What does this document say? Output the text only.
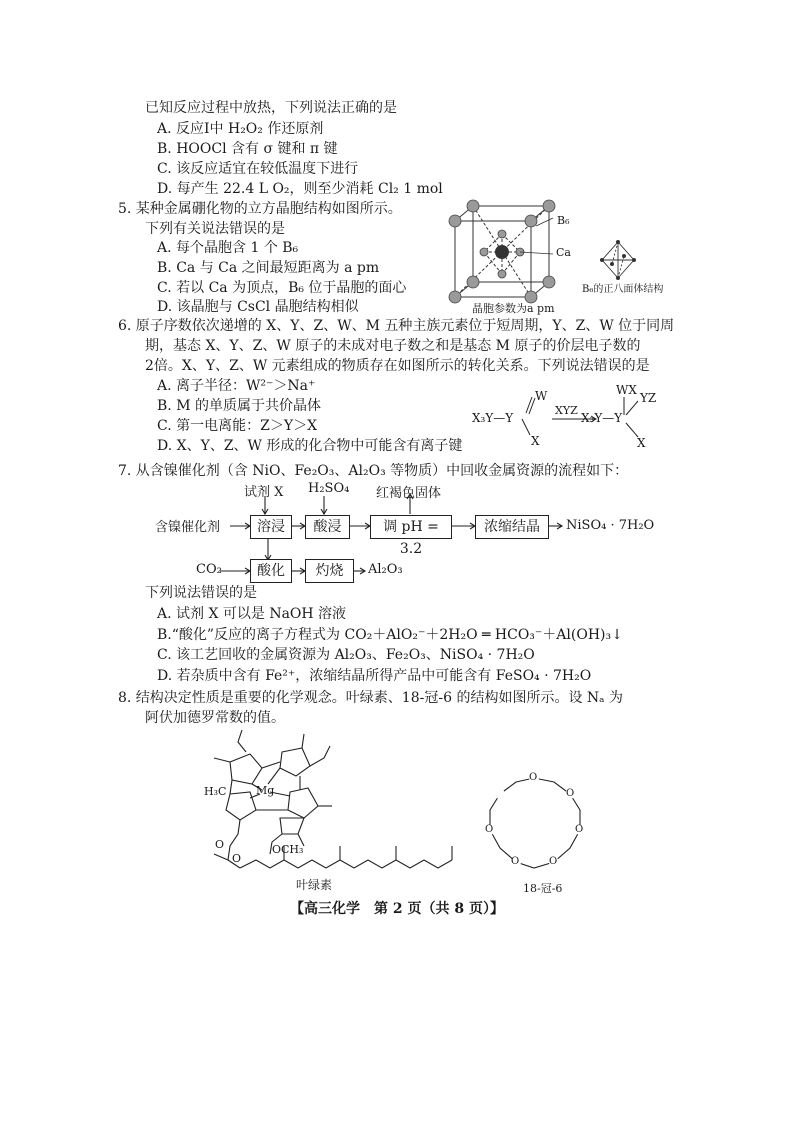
已知反应过程中放热，下列说法正确的是
A. 反应Ⅰ中 H₂O₂ 作还原剂
B. HOOCl 含有 σ 键和 π 键
C. 该反应适宜在较低温度下进行
D. 每产生 22.4 L O₂，则至少消耗 Cl₂ 1 mol
5. 某种金属硼化物的立方晶胞结构如图所示。
下列有关说法错误的是
A. 每个晶胞含 1 个 B₆
B. Ca 与 Ca 之间最短距离为 a pm
C. 若以 Ca 为顶点，B₆ 位于晶胞的面心
D. 该晶胞与 CsCl 晶胞结构相似
B₆
Ca
晶胞参数为a pm
B₆的正八面体结构
6. 原子序数依次递增的 X、Y、Z、W、M 五种主族元素位于短周期，Y、Z、W 位于同周
期，基态 X、Y、Z、W 原子的未成对电子数之和是基态 M 原子的价层电子数的
2倍。X、Y、Z、W 元素组成的物质存在如图所示的转化关系。下列说法错误的是
A. 离子半径：W²⁻＞Na⁺
B. M 的单质属于共价晶体
C. 第一电离能：Z＞Y＞X
D. X、Y、Z、W 形成的化合物中可能含有离子键
X₃Y—Y
W
X
XYZ
X₃Y—Y
WX
YZ
X
7. 从含镍催化剂（含 NiO、Fe₂O₃、Al₂O₃ 等物质）中回收金属资源的流程如下：
试剂 X H₂SO₄ 红褐色固体
含镍催化剂	溶浸	酸浸	调 pH = 3.2
浓缩结晶	NiSO₄ · 7H₂O
CO₂	酸化	灼烧	Al₂O₃
下列说法错误的是
A. 试剂 X 可以是 NaOH 溶液
B.“酸化”反应的离子方程式为 CO₂＋AlO₂⁻＋2H₂O ═ HCO₃⁻＋Al(OH)₃↓
C. 该工艺回收的金属资源为 Al₂O₃、Fe₂O₃、NiSO₄ · 7H₂O
D. 若杂质中含有 Fe²⁺，浓缩结晶所得产品中可能含有 FeSO₄ · 7H₂O
8. 结构决定性质是重要的化学观念。叶绿素、18-冠-6 的结构如图所示。设 Nₐ 为
阿伏加德罗常数的值。
Mg
H₃C
OCH₃
O
O
叶绿素
O
O
O
O
O
O
18-冠-6
【高三化学　第 2 页（共 8 页）】
